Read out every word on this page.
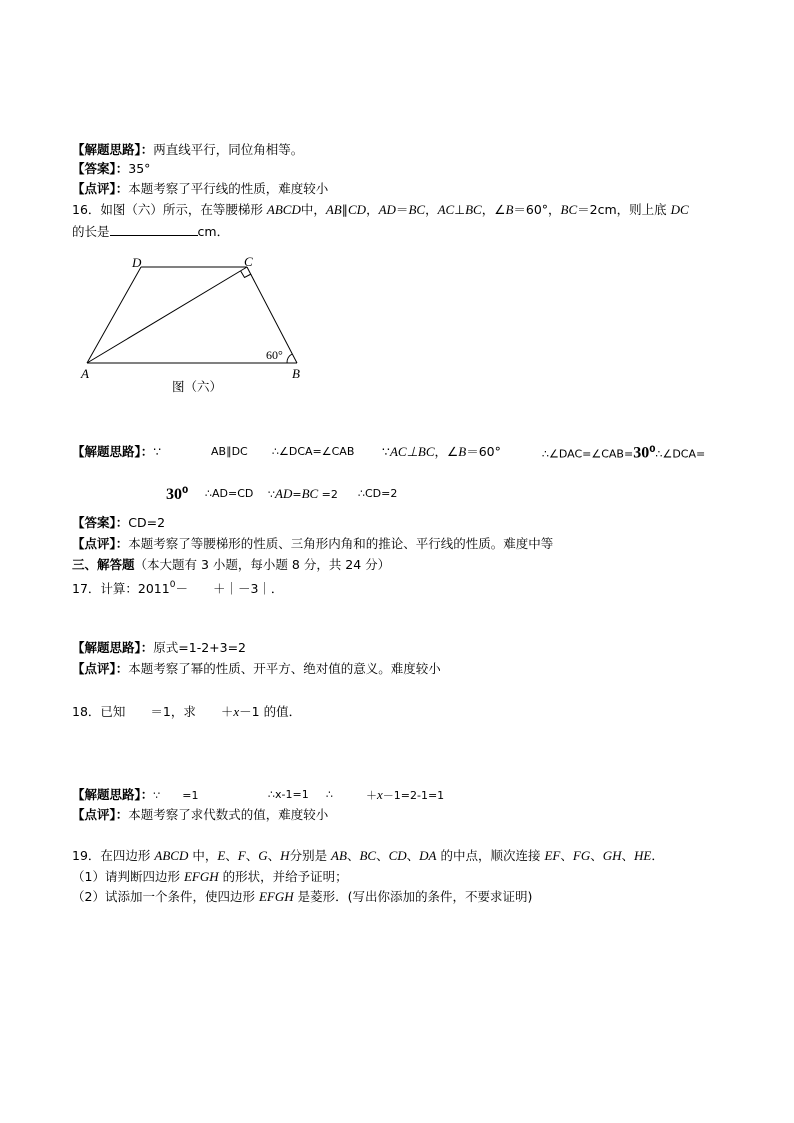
【解题思路】：两直线平行，同位角相等。
【答案】：35°
【点评】：本题考察了平行线的性质，难度较小
16．如图（六）所示，在等腰梯形 ABCD中，AB∥CD，AD＝BC，AC⊥BC，∠B＝60°，BC＝2cm，则上底 DC
的长是	cm．
D	C
A	B
60°
图（六）
【解题思路】：∵	AB∥DC ∴∠DCA=∠CAB ∵AC⊥BC，∠B＝60°	$\therefore\angle DAC=\angle CAB=30^0\therefore\angle DCA=$
$30^0$ ∴AD=CD ∵AD=BC =2 ∴CD=2
【答案】：CD=2
【点评】：本题考察了等腰梯形的性质、三角形内角和的推论、平行线的性质。难度中等
三、解答题（本大题有 3 小题，每小题 8 分，共 24 分）
17．计算：$2011^0-$　　＋｜－3｜．
【解题思路】：原式=1-2+3=2
【点评】：本题考察了幂的性质、开平方、绝对值的意义。难度较小
18．已知　　＝1，求　　＋x－1 的值．
【解题思路】：∵　　=1	∴x-1=1 ∴	＋x－1=2-1=1
【点评】：本题考察了求代数式的值，难度较小
19．在四边形 ABCD 中，E、F、G、H分别是 AB、BC、CD、DA 的中点，顺次连接 EF、FG、GH、HE．
（1）请判断四边形 EFGH 的形状，并给予证明；
（2）试添加一个条件，使四边形 EFGH 是菱形．(写出你添加的条件，不要求证明)
